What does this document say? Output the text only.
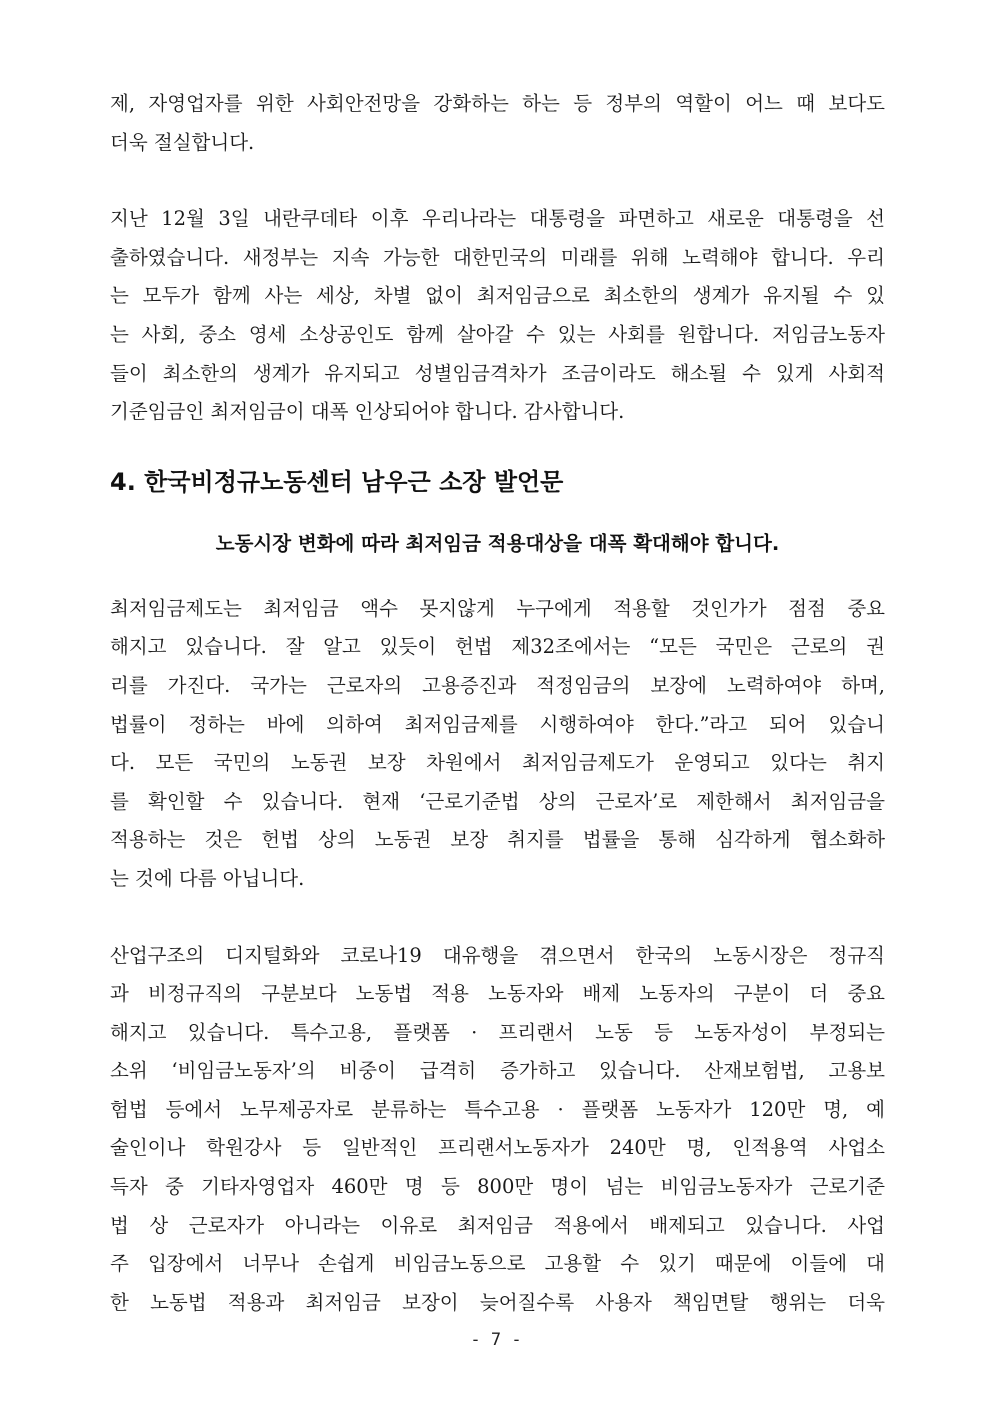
제, 자영업자를 위한 사회안전망을 강화하는 하는 등 정부의 역할이 어느 때 보다도
더욱 절실합니다.

지난 12월 3일 내란쿠데타 이후 우리나라는 대통령을 파면하고 새로운 대통령을 선
출하였습니다. 새정부는 지속 가능한 대한민국의 미래를 위해 노력해야 합니다. 우리
는 모두가 함께 사는 세상, 차별 없이 최저임금으로 최소한의 생계가 유지될 수 있
는 사회, 중소 영세 소상공인도 함께 살아갈 수 있는 사회를 원합니다. 저임금노동자
들이 최소한의 생계가 유지되고 성별임금격차가 조금이라도 해소될 수 있게 사회적
기준임금인 최저임금이 대폭 인상되어야 합니다. 감사합니다.

4. 한국비정규노동센터 남우근 소장 발언문
노동시장 변화에 따라 최저임금 적용대상을 대폭 확대해야 합니다.

최저임금제도는 최저임금 액수 못지않게 누구에게 적용할 것인가가 점점 중요
해지고 있습니다. 잘 알고 있듯이 헌법 제32조에서는 “모든 국민은 근로의 권
리를 가진다. 국가는 근로자의 고용증진과 적정임금의 보장에 노력하여야 하며,
법률이 정하는 바에 의하여 최저임금제를 시행하여야 한다.”라고 되어 있습니
다. 모든 국민의 노동권 보장 차원에서 최저임금제도가 운영되고 있다는 취지
를 확인할 수 있습니다. 현재 ‘근로기준법 상의 근로자’로 제한해서 최저임금을
적용하는 것은 헌법 상의 노동권 보장 취지를 법률을 통해 심각하게 협소화하
는 것에 다름 아닙니다.

산업구조의 디지털화와 코로나19 대유행을 겪으면서 한국의 노동시장은 정규직
과 비정규직의 구분보다 노동법 적용 노동자와 배제 노동자의 구분이 더 중요
해지고 있습니다. 특수고용, 플랫폼 · 프리랜서 노동 등 노동자성이 부정되는
소위 ‘비임금노동자’의 비중이 급격히 증가하고 있습니다. 산재보험법, 고용보
험법 등에서 노무제공자로 분류하는 특수고용 · 플랫폼 노동자가 120만 명, 예
술인이나 학원강사 등 일반적인 프리랜서노동자가 240만 명, 인적용역 사업소
득자 중 기타자영업자 460만 명 등 800만 명이 넘는 비임금노동자가 근로기준
법 상 근로자가 아니라는 이유로 최저임금 적용에서 배제되고 있습니다. 사업
주 입장에서 너무나 손쉽게 비임금노동으로 고용할 수 있기 때문에 이들에 대
한 노동법 적용과 최저임금 보장이 늦어질수록 사용자 책임면탈 행위는 더욱

- 7 -
